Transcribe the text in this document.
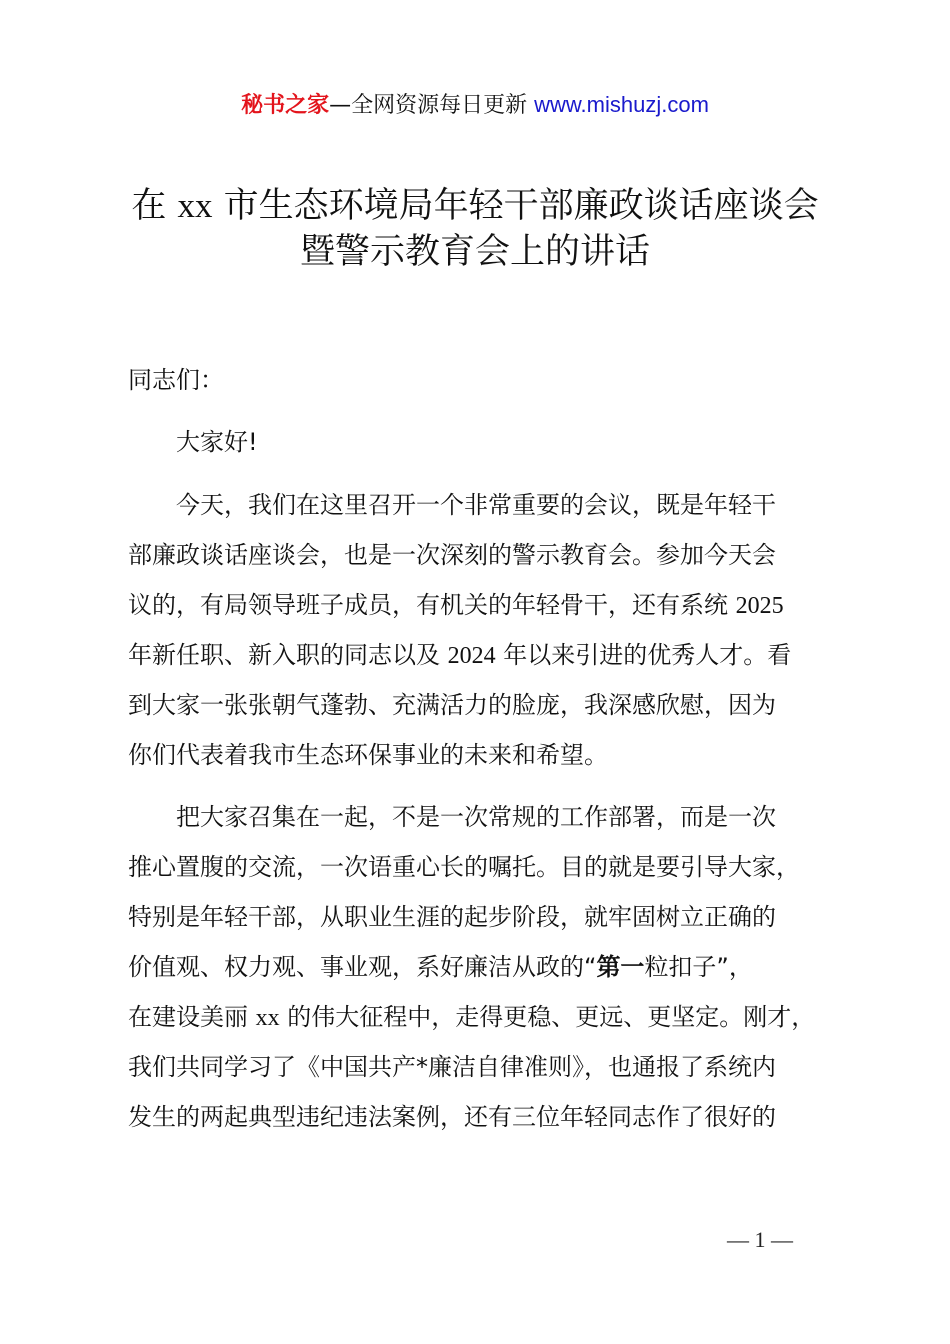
秘书之家—全网资源每日更新 www.mishuzj.com
在 xx 市生态环境局年轻干部廉政谈话座谈会
暨警示教育会上的讲话
同志们：
大家好!
今天，我们在这里召开一个非常重要的会议，既是年轻干
部廉政谈话座谈会，也是一次深刻的警示教育会。参加今天会
议的，有局领导班子成员，有机关的年轻骨干，还有系统 2025
年新任职、新入职的同志以及 2024 年以来引进的优秀人才。看
到大家一张张朝气蓬勃、充满活力的脸庞，我深感欣慰，因为
你们代表着我市生态环保事业的未来和希望。
把大家召集在一起，不是一次常规的工作部署，而是一次
推心置腹的交流，一次语重心长的嘱托。目的就是要引导大家，
特别是年轻干部，从职业生涯的起步阶段，就牢固树立正确的
价值观、权力观、事业观，系好廉洁从政的“第一粒扣子”，
在建设美丽 xx 的伟大征程中，走得更稳、更远、更坚定。刚才，
我们共同学习了《中国共产*廉洁自律准则》，也通报了系统内
发生的两起典型违纪违法案例，还有三位年轻同志作了很好的
— 1 —
